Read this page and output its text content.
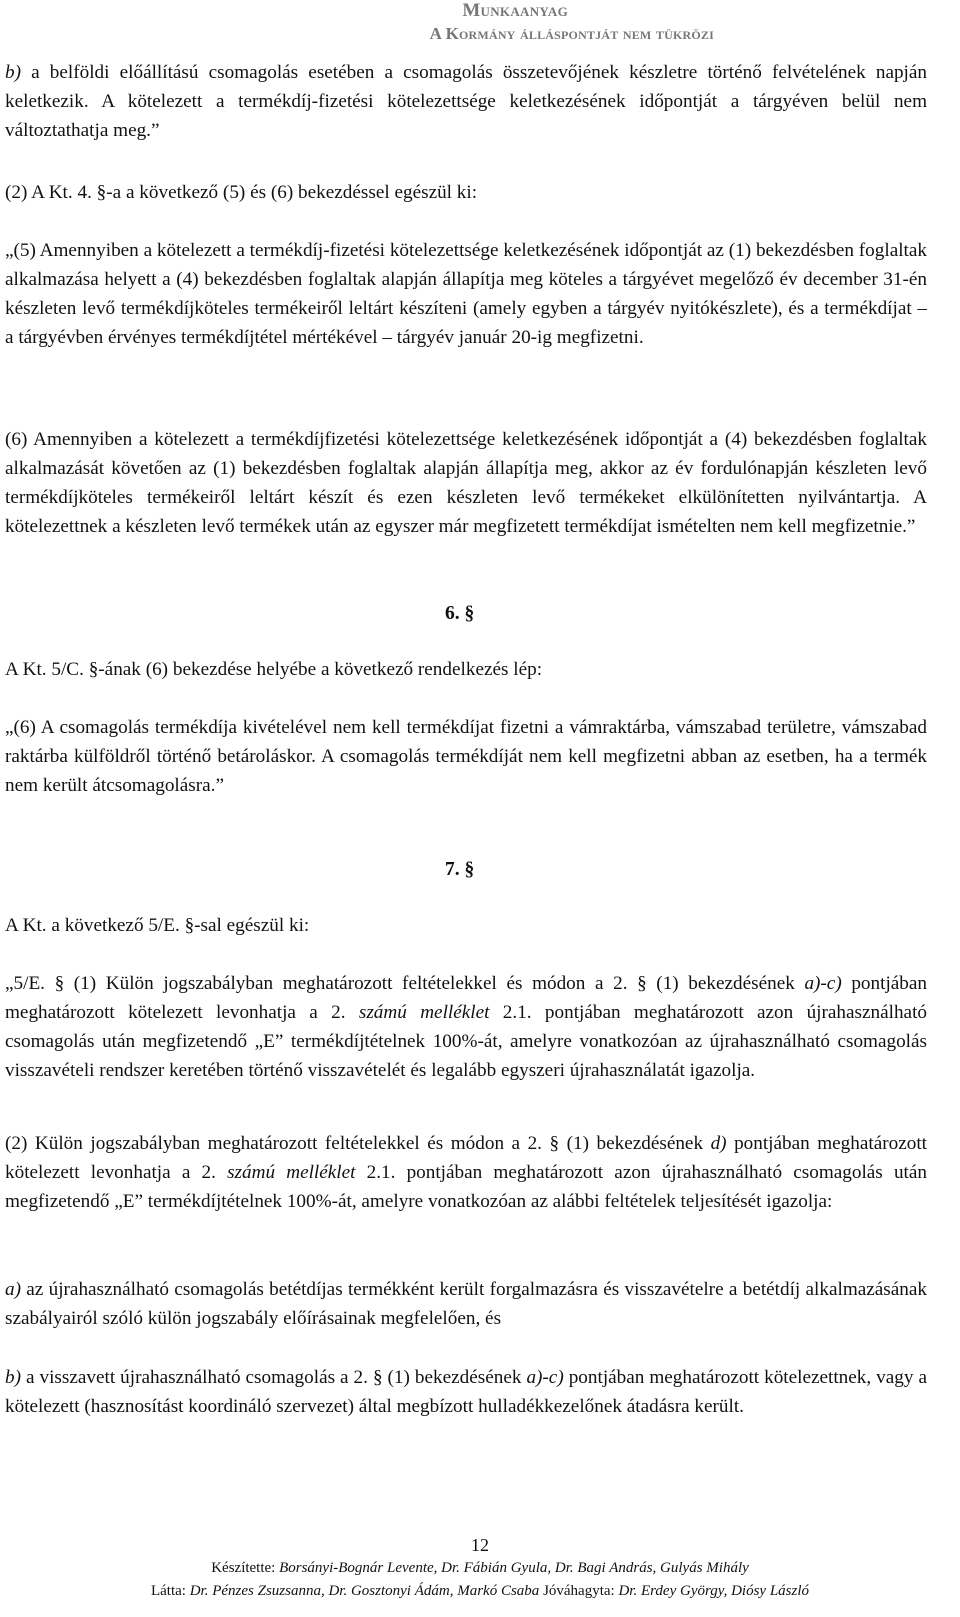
Munkaanyag
A Kormány álláspontját nem tükrözi

b) a belföldi előállítású csomagolás esetében a csomagolás összetevőjének készletre történő felvételének napján keletkezik. A kötelezett a termékdíj-fizetési kötelezettsége keletkezésének időpontját a tárgyéven belül nem változtathatja meg.”

(2) A Kt. 4. §-a a következő (5) és (6) bekezdéssel egészül ki:

„(5) Amennyiben a kötelezett a termékdíj-fizetési kötelezettsége keletkezésének időpontját az (1) bekezdésben foglaltak alkalmazása helyett a (4) bekezdésben foglaltak alapján állapítja meg köteles a tárgyévet megelőző év december 31-én készleten levő termékdíjköteles termékeiről leltárt készíteni (amely egyben a tárgyév nyitókészlete), és a termékdíjat – a tárgyévben érvényes termékdíjtétel mértékével – tárgyév január 20-ig megfizetni.

(6) Amennyiben a kötelezett a termékdíjfizetési kötelezettsége keletkezésének időpontját a (4) bekezdésben foglaltak alkalmazását követően az (1) bekezdésben foglaltak alapján állapítja meg, akkor az év fordulónapján készleten levő termékdíjköteles termékeiről leltárt készít és ezen készleten levő termékeket elkülönítetten nyilvántartja. A kötelezettnek a készleten levő termékek után az egyszer már megfizetett termékdíjat ismételten nem kell megfizetnie.”

6. §

A Kt. 5/C. §-ának (6) bekezdése helyébe a következő rendelkezés lép:

„(6) A csomagolás termékdíja kivételével nem kell termékdíjat fizetni a vámraktárba, vámszabad területre, vámszabad raktárba külföldről történő betároláskor. A csomagolás termékdíját nem kell megfizetni abban az esetben, ha a termék nem került átcsomagolásra.”

7. §

A Kt. a következő 5/E. §-sal egészül ki:

„5/E. § (1) Külön jogszabályban meghatározott feltételekkel és módon a 2. § (1) bekezdésének a)-c) pontjában meghatározott kötelezett levonhatja a 2. számú melléklet 2.1. pontjában meghatározott azon újrahasználható csomagolás után megfizetendő „E” termékdíjtételnek 100%-át, amelyre vonatkozóan az újrahasználható csomagolás visszavételi rendszer keretében történő visszavételét és legalább egyszeri újrahasználatát igazolja.

(2) Külön jogszabályban meghatározott feltételekkel és módon a 2. § (1) bekezdésének d) pontjában meghatározott kötelezett levonhatja a 2. számú melléklet 2.1. pontjában meghatározott azon újrahasználható csomagolás után megfizetendő „E” termékdíjtételnek 100%-át, amelyre vonatkozóan az alábbi feltételek teljesítését igazolja:

a) az újrahasználható csomagolás betétdíjas termékként került forgalmazásra és visszavételre a betétdíj alkalmazásának szabályairól szóló külön jogszabály előírásainak megfelelően, és

b) a visszavett újrahasználható csomagolás a 2. § (1) bekezdésének a)-c) pontjában meghatározott kötelezettnek, vagy a kötelezett (hasznosítást koordináló szervezet) által megbízott hulladékkezelőnek átadásra került.

12
Készítette: Borsányi-Bognár Levente, Dr. Fábián Gyula, Dr. Bagi András, Gulyás Mihály
Látta: Dr. Pénzes Zsuzsanna, Dr. Gosztonyi Ádám, Markó Csaba Jóváhagyta: Dr. Erdey György, Diósy László
